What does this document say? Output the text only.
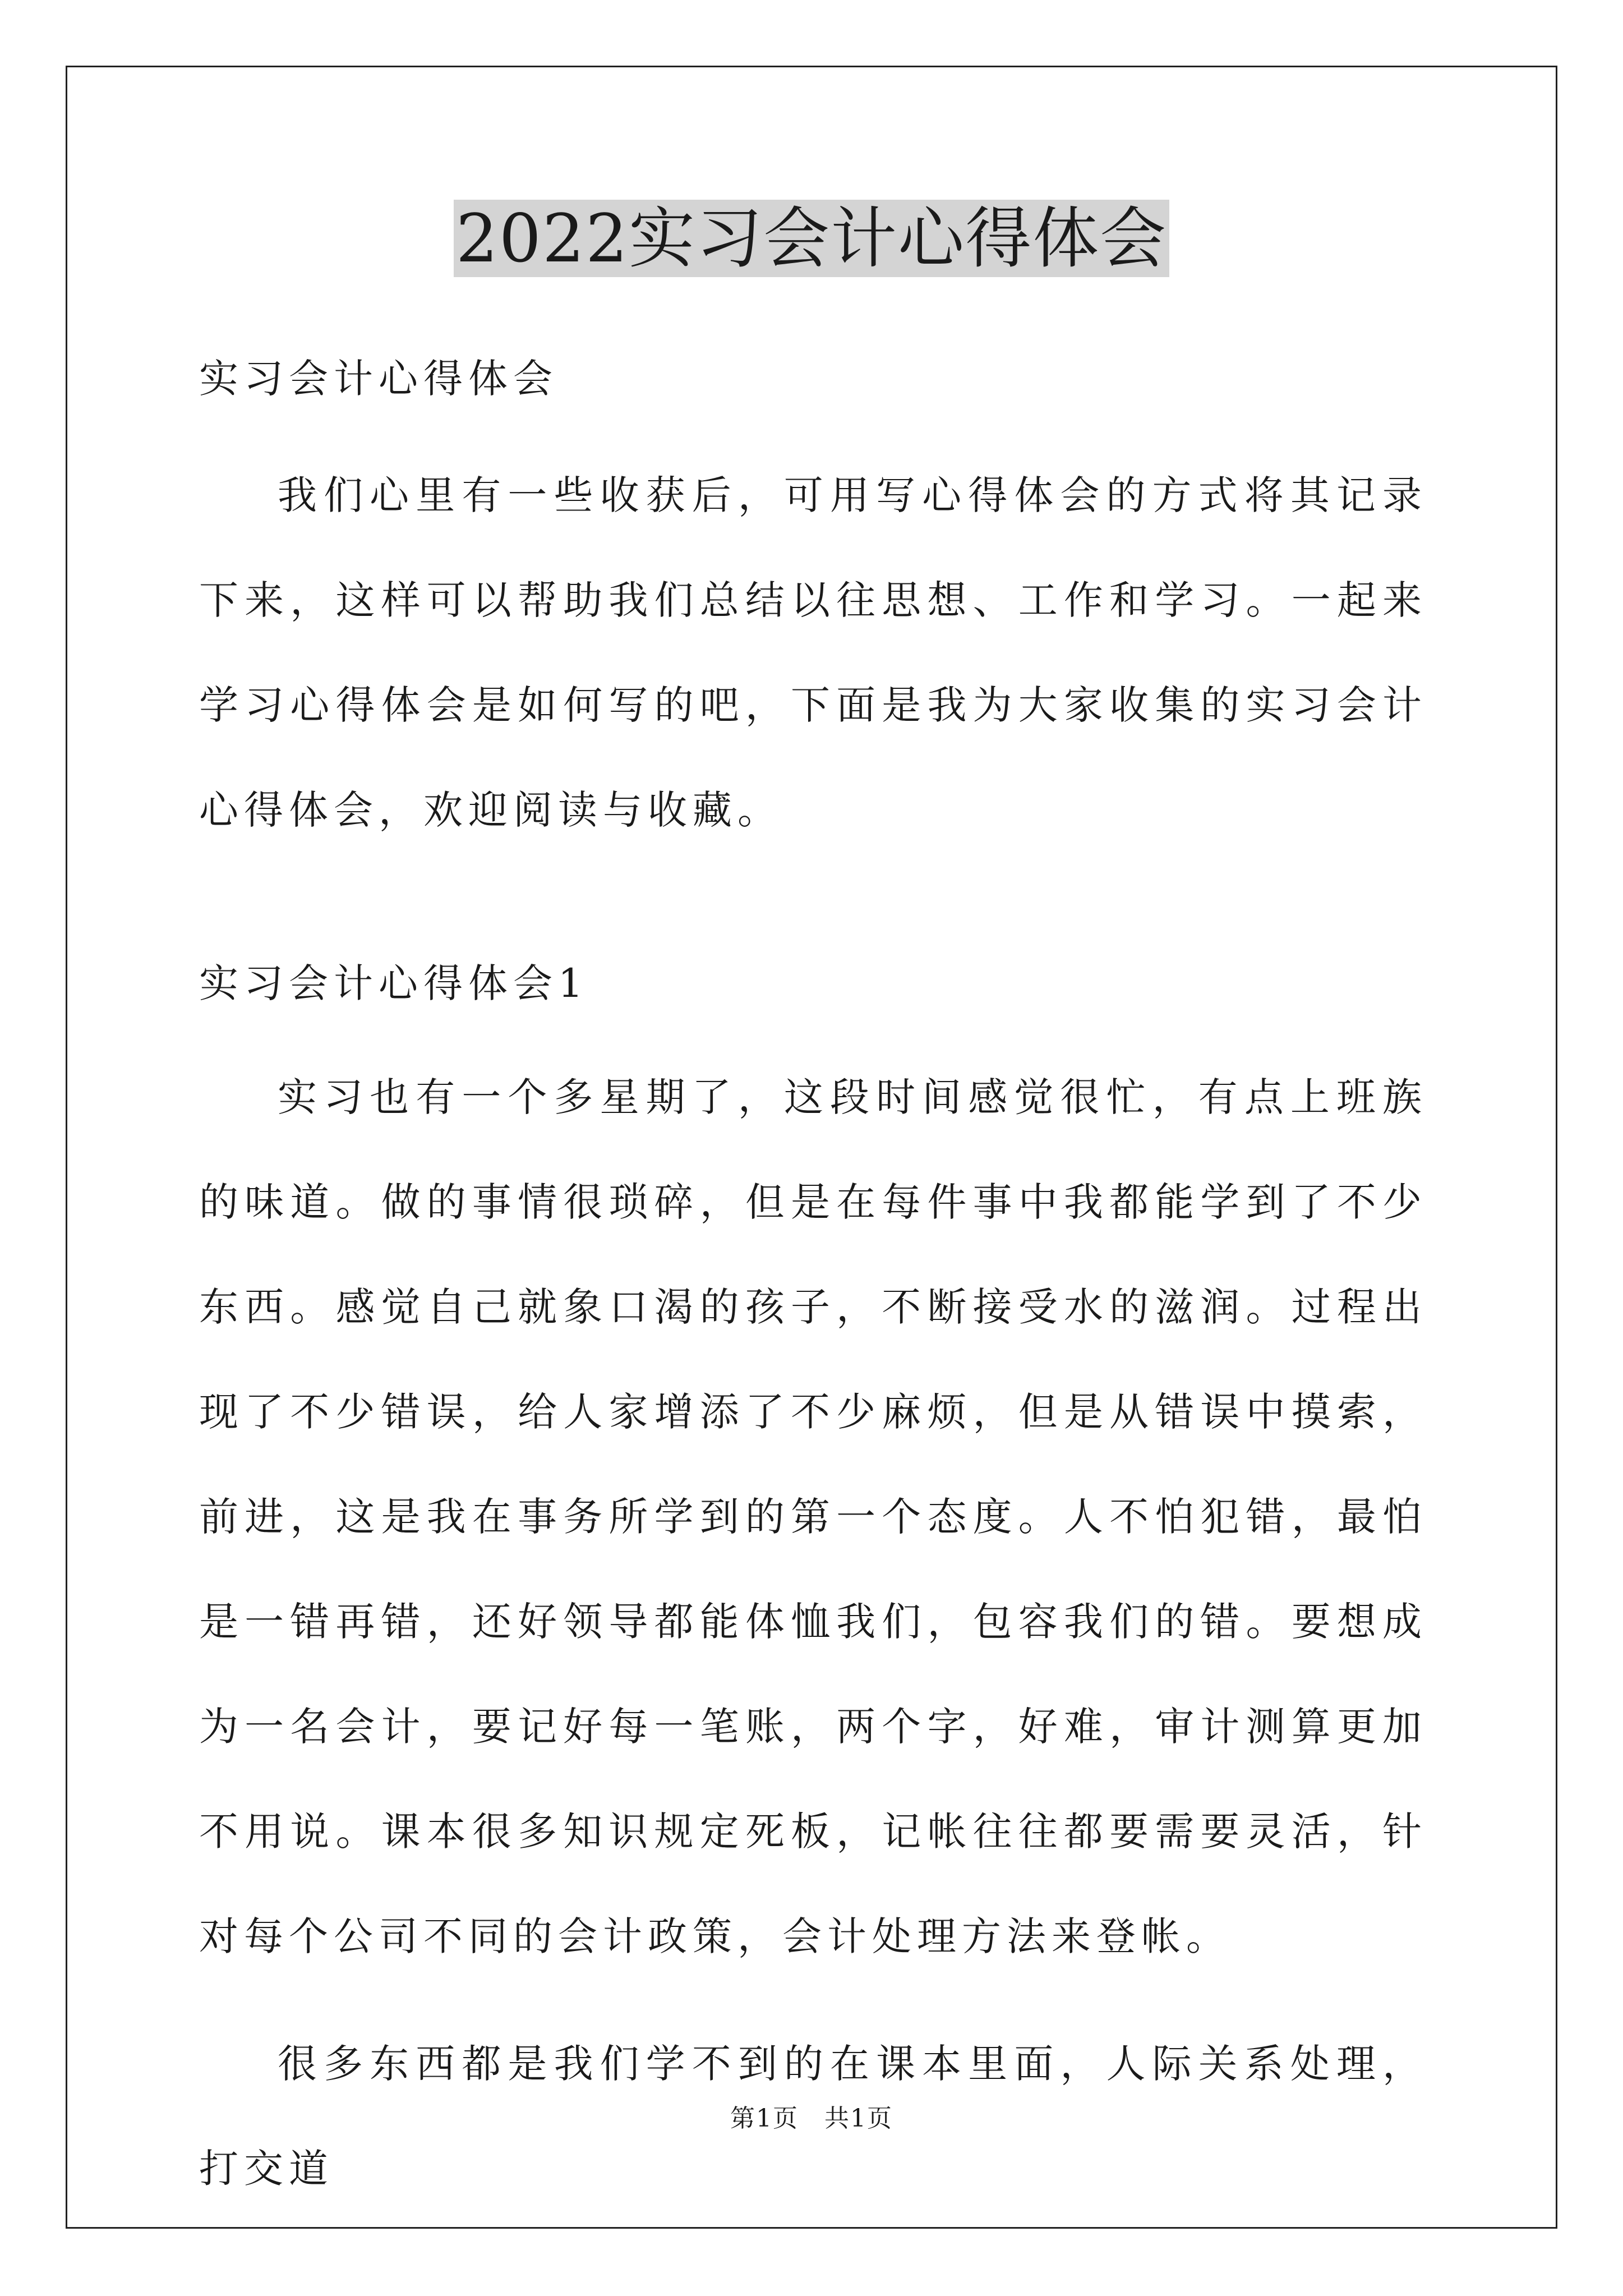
2022实习会计心得体会

实习会计心得体会

我们心里有一些收获后，可用写心得体会的方式将其记录下来，这样可以帮助我们总结以往思想、工作和学习。一起来学习心得体会是如何写的吧，下面是我为大家收集的实习会计心得体会，欢迎阅读与收藏。

实习会计心得体会1

实习也有一个多星期了，这段时间感觉很忙，有点上班族的味道。做的事情很琐碎，但是在每件事中我都能学到了不少东西。感觉自己就象口渴的孩子，不断接受水的滋润。过程出现了不少错误，给人家增添了不少麻烦，但是从错误中摸索，前进，这是我在事务所学到的第一个态度。人不怕犯错，最怕是一错再错，还好领导都能体恤我们，包容我们的错。要想成为一名会计，要记好每一笔账，两个字，好难，审计测算更加不用说。课本很多知识规定死板，记帐往往都要需要灵活，针对每个公司不同的会计政策，会计处理方法来登帐。

很多东西都是我们学不到的在课本里面，人际关系处理，打交道

第1页　共1页
